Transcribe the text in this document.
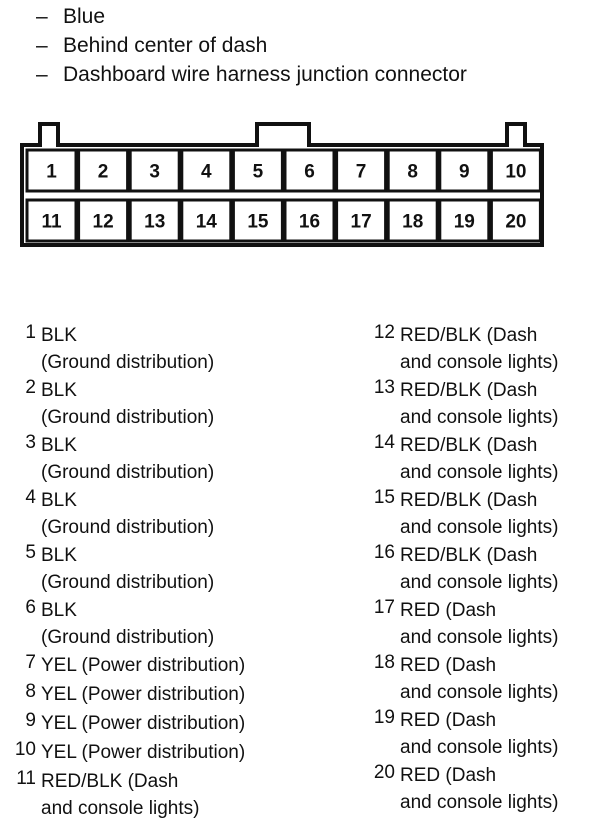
– Blue
– Behind center of dash
– Dashboard wire harness junction connector
1 2 3 4 5 6 7 8 9 10
11 12 13 14 15 16 17 18 19 20
1 BLK
(Ground distribution)
2 BLK
(Ground distribution)
3 BLK
(Ground distribution)
4 BLK
(Ground distribution)
5 BLK
(Ground distribution)
6 BLK
(Ground distribution)
7 YEL (Power distribution)
8 YEL (Power distribution)
9 YEL (Power distribution)
10 YEL (Power distribution)
11 RED/BLK (Dash
and console lights)
12 RED/BLK (Dash
and console lights)
13 RED/BLK (Dash
and console lights)
14 RED/BLK (Dash
and console lights)
15 RED/BLK (Dash
and console lights)
16 RED/BLK (Dash
and console lights)
17 RED (Dash
and console lights)
18 RED (Dash
and console lights)
19 RED (Dash
and console lights)
20 RED (Dash
and console lights)
